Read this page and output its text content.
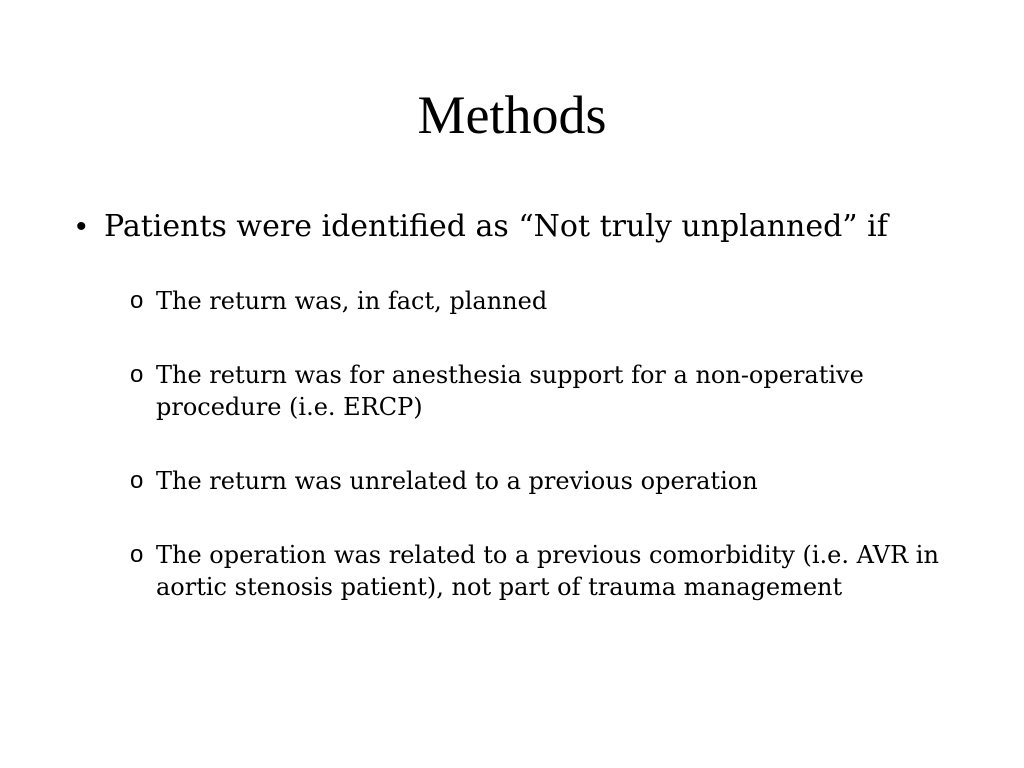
Methods
• Patients were identified as “Not truly unplanned” if
o The return was, in fact, planned
o The return was for anesthesia support for a non-operative procedure (i.e. ERCP)
o The return was unrelated to a previous operation
o The operation was related to a previous comorbidity (i.e. AVR in aortic stenosis patient), not part of trauma management
